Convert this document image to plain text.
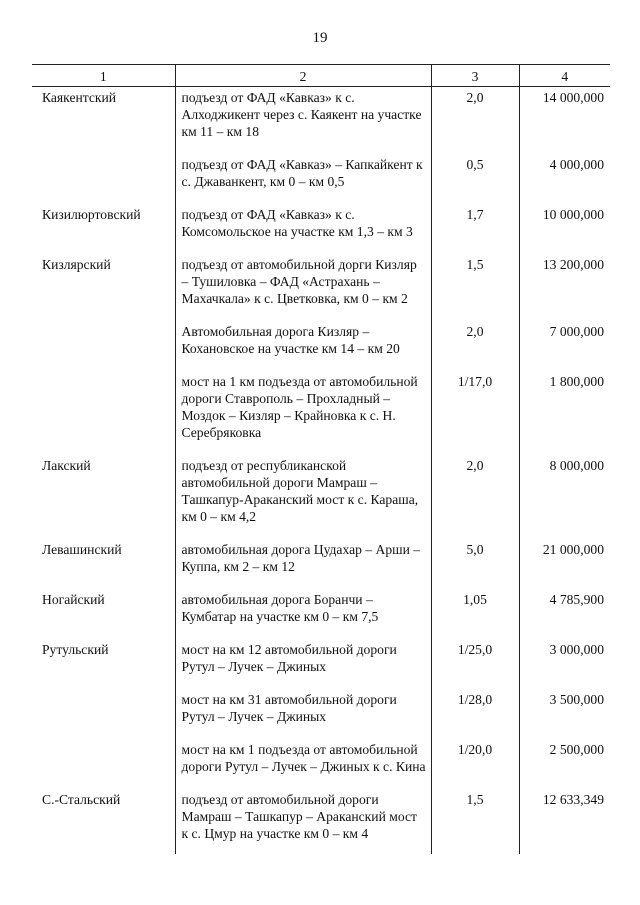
19
1	2	3	4
Каякентский	подъезд от ФАД «Кавказ» к с. Алходжикент через с. Каякент на участке км 11 – км 18	2,0	14 000,000
	подъезд от ФАД «Кавказ» – Капкайкент к с. Джаванкент, км 0 – км 0,5	0,5	4 000,000
Кизилюртовский	подъезд от ФАД «Кавказ» к с. Комсомольское на участке км 1,3 – км 3	1,7	10 000,000
Кизлярский	подъезд от автомобильной дорги Кизляр – Тушиловка – ФАД «Астрахань – Махачкала» к с. Цветковка, км 0 – км 2	1,5	13 200,000
	Автомобильная дорога Кизляр – Кохановское на участке км 14 – км 20	2,0	7 000,000
	мост на 1 км подъезда от автомобильной дороги Ставрополь – Прохладный – Моздок – Кизляр – Крайновка к с. Н. Серебряковка	1/17,0	1 800,000
Лакский	подъезд от республиканской автомобильной дороги Мамраш – Ташкапур-Араканский мост к с. Караша, км 0 – км 4,2	2,0	8 000,000
Левашинский	автомобильная дорога Цудахар – Арши – Куппа, км 2 – км 12	5,0	21 000,000
Ногайский	автомобильная дорога Боранчи – Кумбатар на участке км 0 – км 7,5	1,05	4 785,900
Рутульский	мост на км 12 автомобильной дороги Рутул – Лучек – Джиных	1/25,0	3 000,000
	мост на км 31 автомобильной дороги Рутул – Лучек – Джиных	1/28,0	3 500,000
	мост на км 1 подъезда от автомобильной дороги Рутул – Лучек – Джиных к с. Кина	1/20,0	2 500,000
С.-Стальский	подъезд от автомобильной дороги Мамраш – Ташкапур – Араканский мост к с. Цмур на участке км 0 – км 4	1,5	12 633,349
